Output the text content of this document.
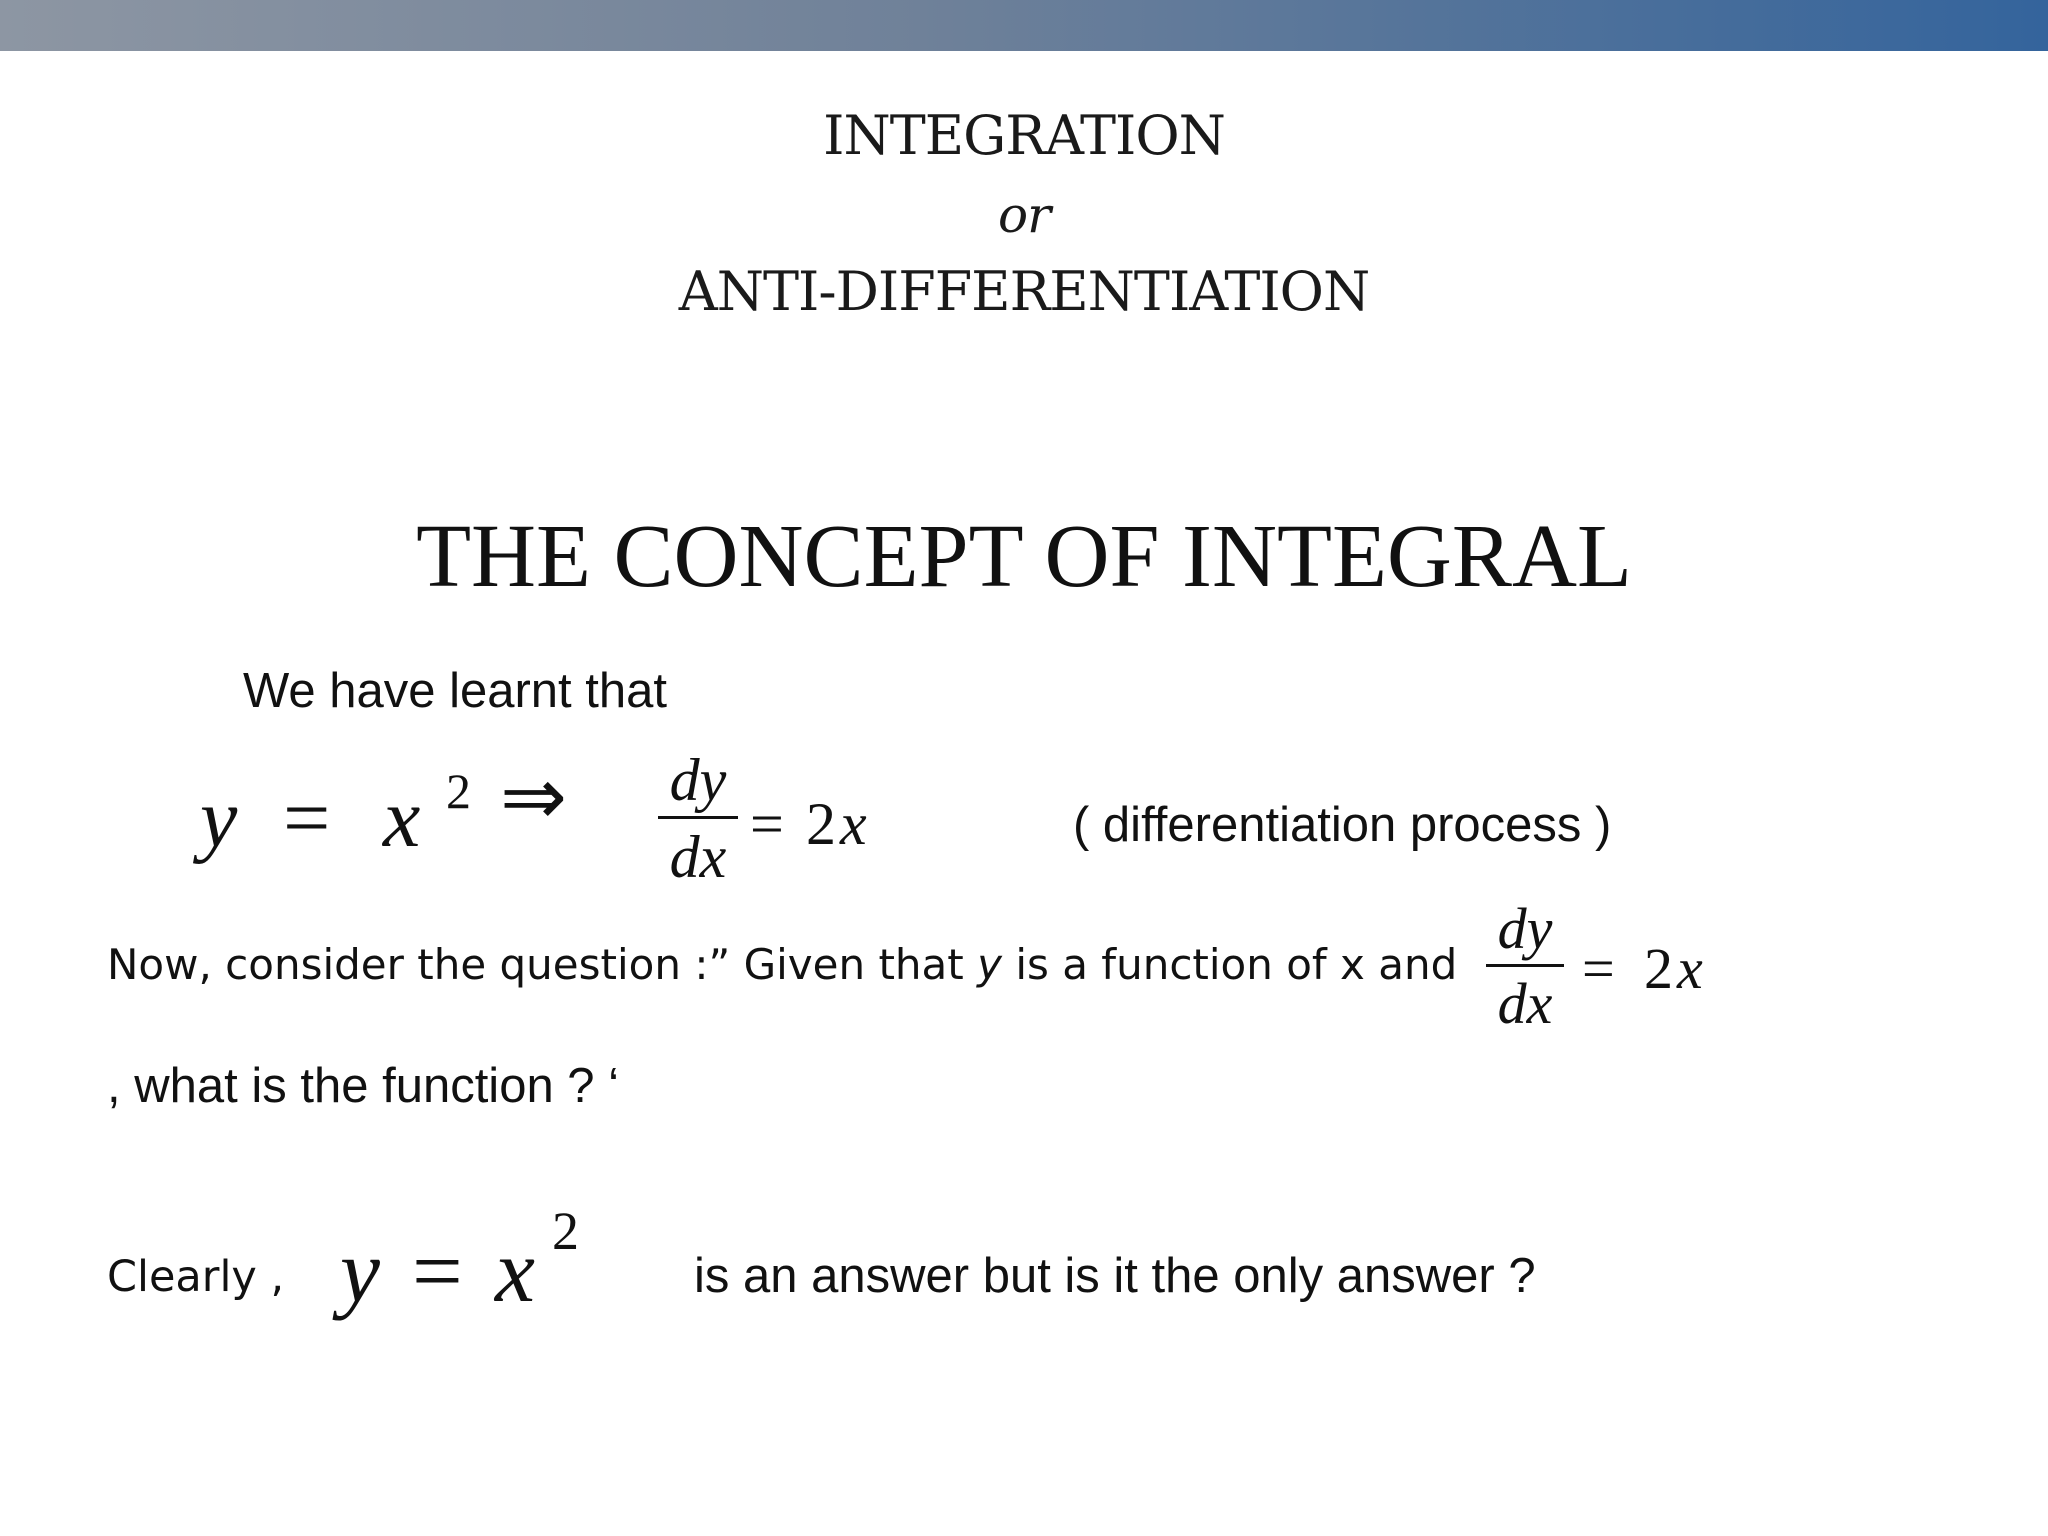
INTEGRATION
or
ANTI-DIFFERENTIATION
THE CONCEPT OF INTEGRAL
We have learnt that
y = x 2 ⇒ dy
dx = 2 x	( differentiation process )
Now, consider the question :” Given that y is a function of x and
dy
dx
= 2 x
, what is the function ? ‘
Clearly , y = x 2
is an answer but is it the only answer ?
